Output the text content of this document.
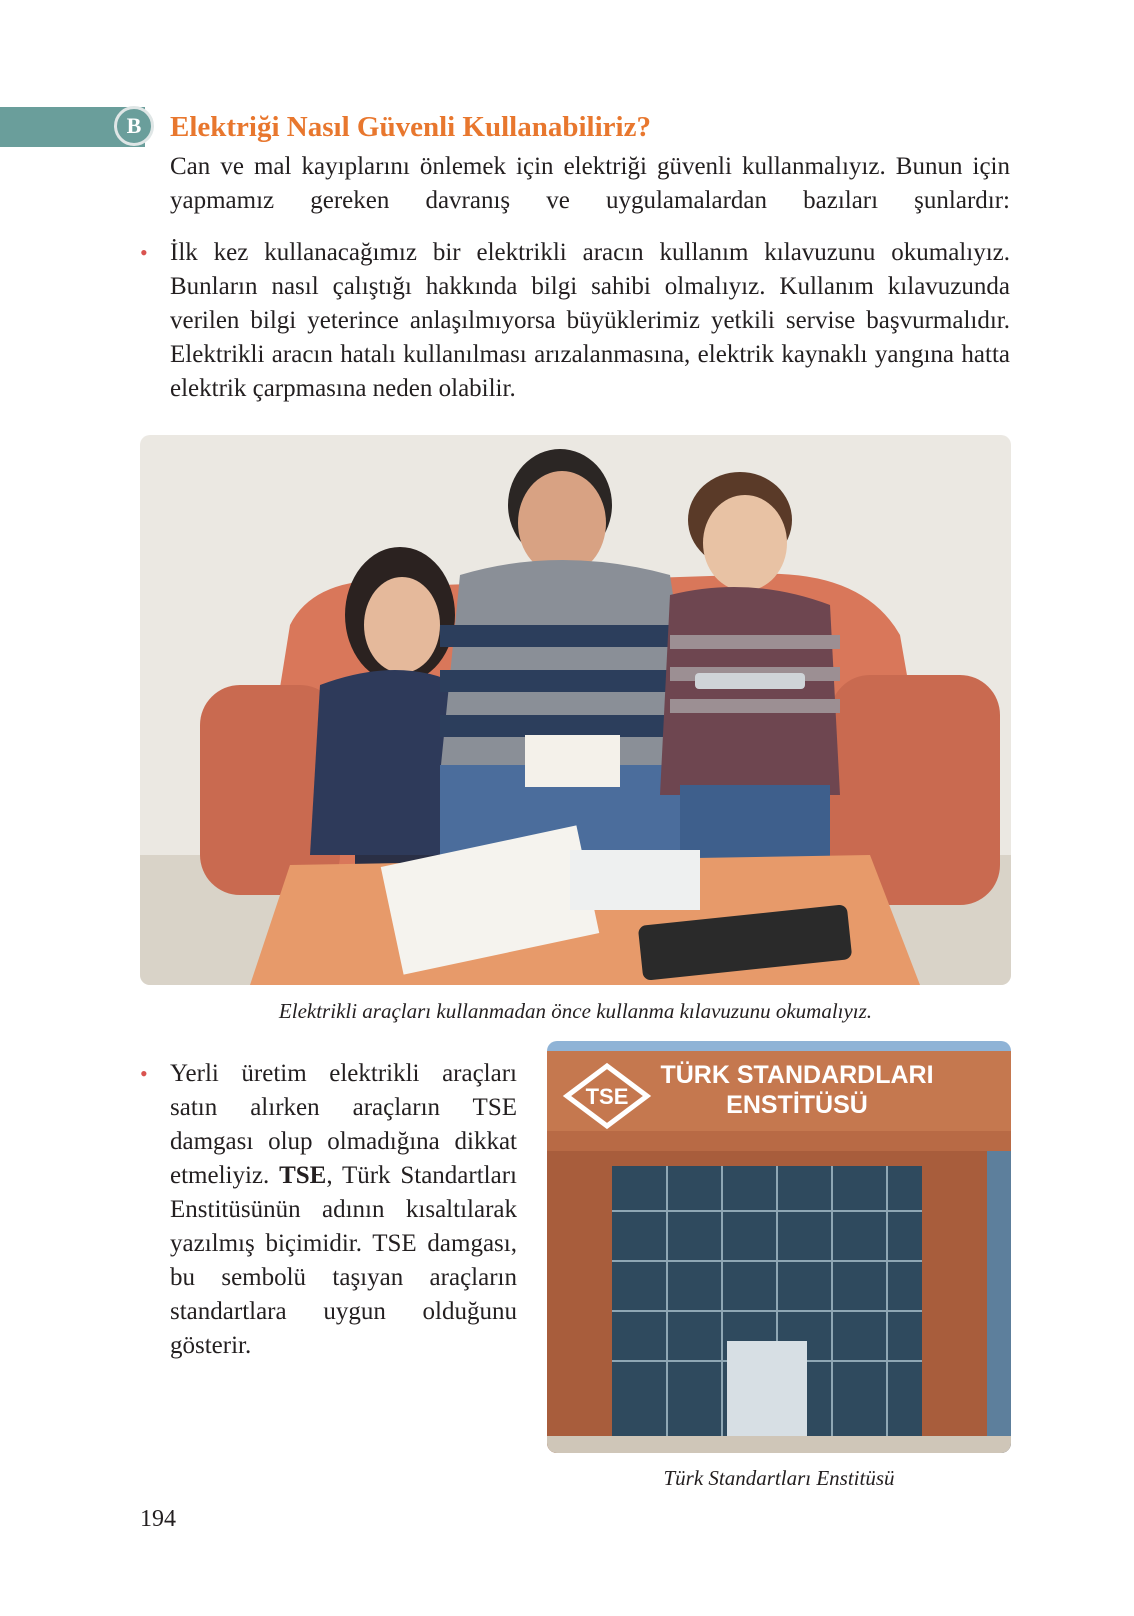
B Elektriği Nasıl Güvenli Kullanabiliriz?

Can ve mal kayıplarını önlemek için elektriği güvenli kullanmalıyız. Bunun için yapmamız gereken davranış ve uygulamalardan bazıları şunlardır:

• İlk kez kullanacağımız bir elektrikli aracın kullanım kılavuzunu okumalıyız. Bunların nasıl çalıştığı hakkında bilgi sahibi olmalıyız. Kullanım kılavuzunda verilen bilgi yeterince anlaşılmıyorsa büyüklerimiz yetkili servise başvurmalıdır. Elektrikli aracın hatalı kullanılması arızalanmasına, elektrik kaynaklı yangına hatta elektrik çarpmasına neden olabilir.

Elektrikli araçları kullanmadan önce kullanma kılavuzunu okumalıyız.

• Yerli üretim elektrikli araçları satın alırken araçların TSE damgası olup olmadığına dikkat etmeliyiz. TSE, Türk Standartları Enstitüsünün adının kısaltılarak yazılmış biçimidir. TSE damgası, bu sembolü taşıyan araçların standartlara uygun olduğunu gösterir.

TSE
TÜRK STANDARDLARI
ENSTİTÜSÜ

Türk Standartları Enstitüsü

194
